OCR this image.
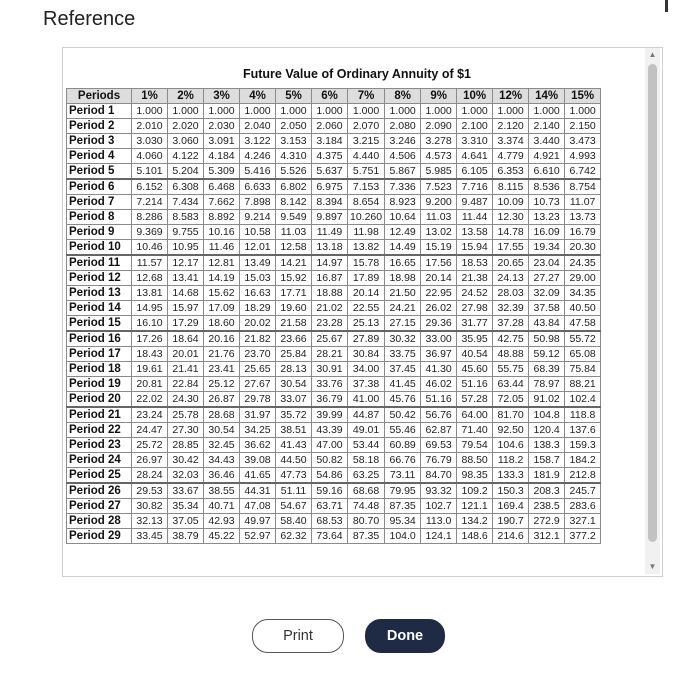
Reference
Future Value of Ordinary Annuity of $1
Periods	1%	2%	3%	4%	5%	6%	7%	8%	9%	10%	12%	14%	15%
Period 1	1.000	1.000	1.000	1.000	1.000	1.000	1.000	1.000	1.000	1.000	1.000	1.000	1.000
Period 2	2.010	2.020	2.030	2.040	2.050	2.060	2.070	2.080	2.090	2.100	2.120	2.140	2.150
Period 3	3.030	3.060	3.091	3.122	3.153	3.184	3.215	3.246	3.278	3.310	3.374	3.440	3.473
Period 4	4.060	4.122	4.184	4.246	4.310	4.375	4.440	4.506	4.573	4.641	4.779	4.921	4.993
Period 5	5.101	5.204	5.309	5.416	5.526	5.637	5.751	5.867	5.985	6.105	6.353	6.610	6.742
Period 6	6.152	6.308	6.468	6.633	6.802	6.975	7.153	7.336	7.523	7.716	8.115	8.536	8.754
Period 7	7.214	7.434	7.662	7.898	8.142	8.394	8.654	8.923	9.200	9.487	10.09	10.73	11.07
Period 8	8.286	8.583	8.892	9.214	9.549	9.897	10.260	10.64	11.03	11.44	12.30	13.23	13.73
Period 9	9.369	9.755	10.16	10.58	11.03	11.49	11.98	12.49	13.02	13.58	14.78	16.09	16.79
Period 10	10.46	10.95	11.46	12.01	12.58	13.18	13.82	14.49	15.19	15.94	17.55	19.34	20.30
Period 11	11.57	12.17	12.81	13.49	14.21	14.97	15.78	16.65	17.56	18.53	20.65	23.04	24.35
Period 12	12.68	13.41	14.19	15.03	15.92	16.87	17.89	18.98	20.14	21.38	24.13	27.27	29.00
Period 13	13.81	14.68	15.62	16.63	17.71	18.88	20.14	21.50	22.95	24.52	28.03	32.09	34.35
Period 14	14.95	15.97	17.09	18.29	19.60	21.02	22.55	24.21	26.02	27.98	32.39	37.58	40.50
Period 15	16.10	17.29	18.60	20.02	21.58	23.28	25.13	27.15	29.36	31.77	37.28	43.84	47.58
Period 16	17.26	18.64	20.16	21.82	23.66	25.67	27.89	30.32	33.00	35.95	42.75	50.98	55.72
Period 17	18.43	20.01	21.76	23.70	25.84	28.21	30.84	33.75	36.97	40.54	48.88	59.12	65.08
Period 18	19.61	21.41	23.41	25.65	28.13	30.91	34.00	37.45	41.30	45.60	55.75	68.39	75.84
Period 19	20.81	22.84	25.12	27.67	30.54	33.76	37.38	41.45	46.02	51.16	63.44	78.97	88.21
Period 20	22.02	24.30	26.87	29.78	33.07	36.79	41.00	45.76	51.16	57.28	72.05	91.02	102.4
Period 21	23.24	25.78	28.68	31.97	35.72	39.99	44.87	50.42	56.76	64.00	81.70	104.8	118.8
Period 22	24.47	27.30	30.54	34.25	38.51	43.39	49.01	55.46	62.87	71.40	92.50	120.4	137.6
Period 23	25.72	28.85	32.45	36.62	41.43	47.00	53.44	60.89	69.53	79.54	104.6	138.3	159.3
Period 24	26.97	30.42	34.43	39.08	44.50	50.82	58.18	66.76	76.79	88.50	118.2	158.7	184.2
Period 25	28.24	32.03	36.46	41.65	47.73	54.86	63.25	73.11	84.70	98.35	133.3	181.9	212.8
Period 26	29.53	33.67	38.55	44.31	51.11	59.16	68.68	79.95	93.32	109.2	150.3	208.3	245.7
Period 27	30.82	35.34	40.71	47.08	54.67	63.71	74.48	87.35	102.7	121.1	169.4	238.5	283.6
Period 28	32.13	37.05	42.93	49.97	58.40	68.53	80.70	95.34	113.0	134.2	190.7	272.9	327.1
Period 29	33.45	38.79	45.22	52.97	62.32	73.64	87.35	104.0	124.1	148.6	214.6	312.1	377.2
▲
▼
Print	Done
